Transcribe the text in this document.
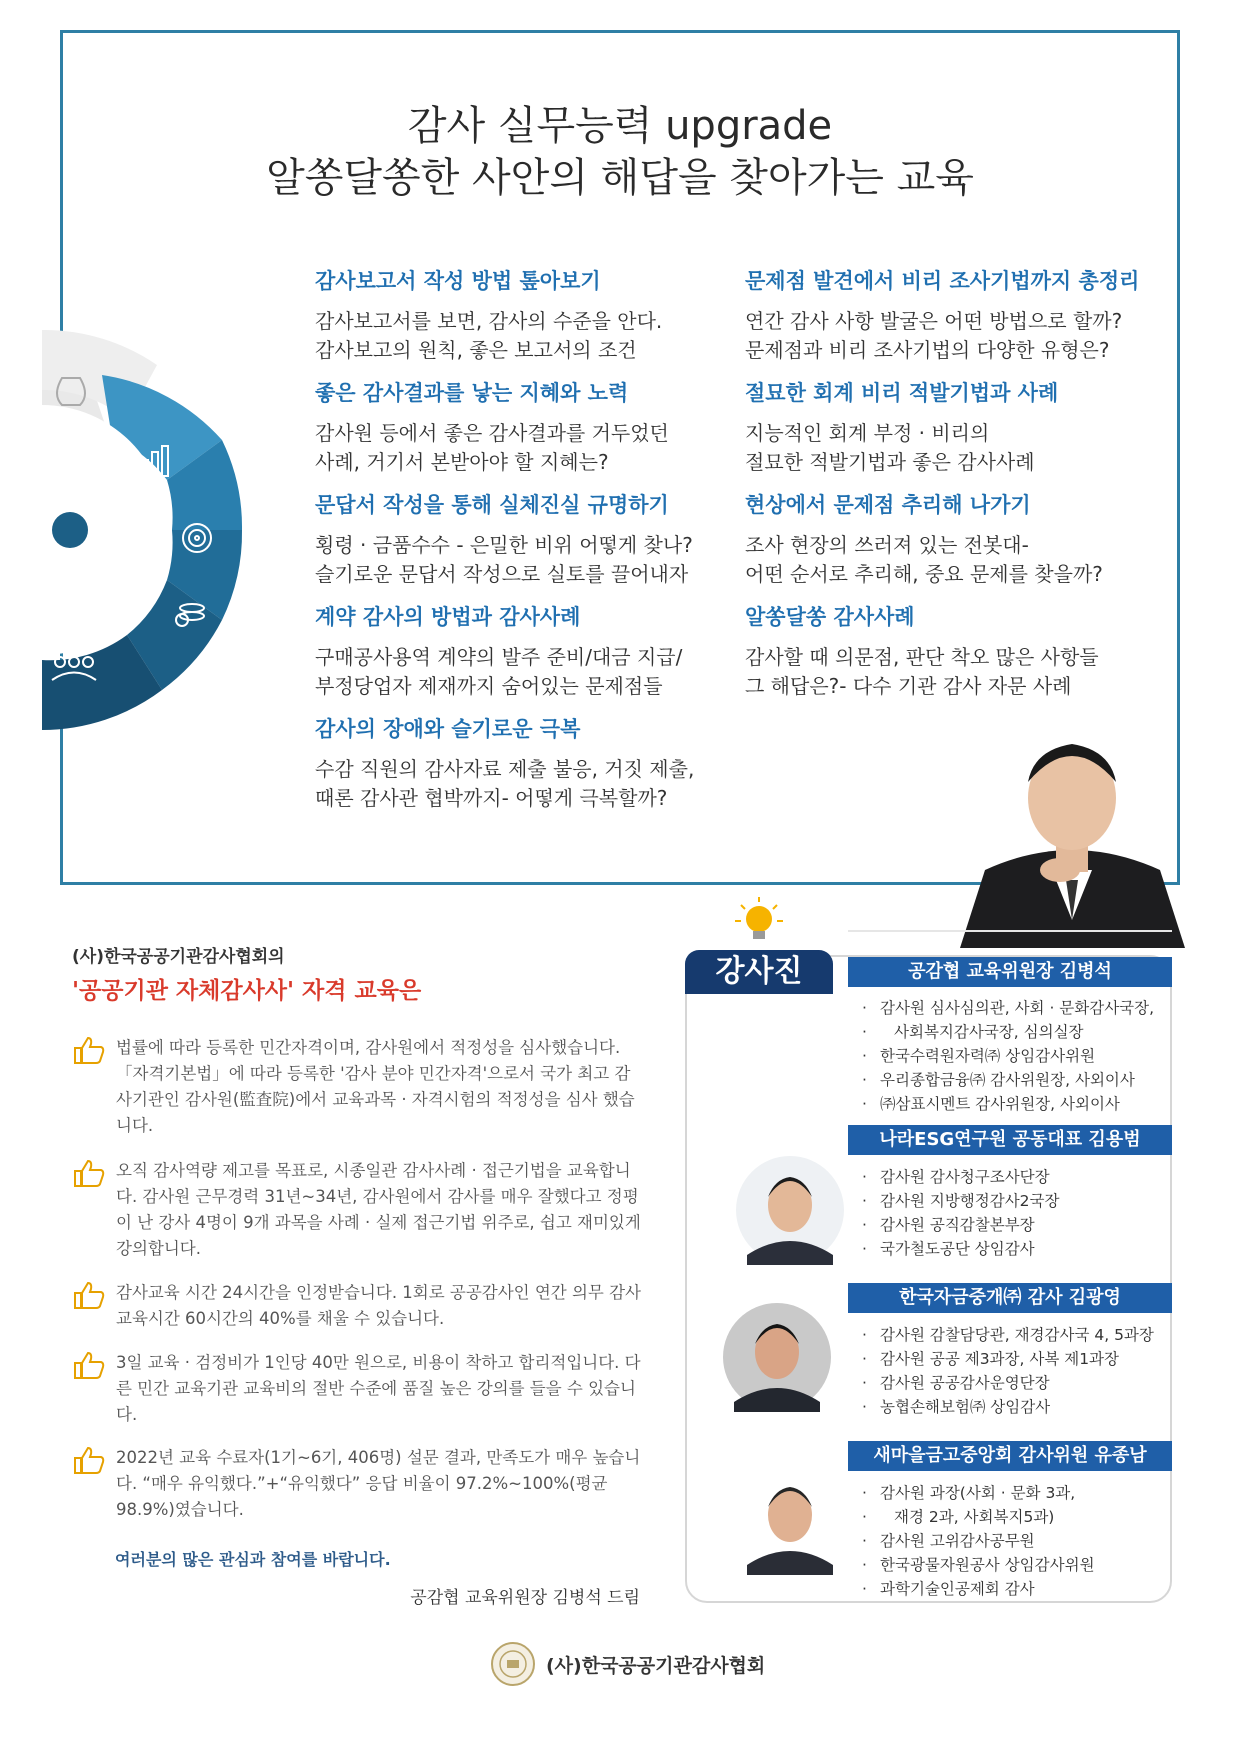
감사 실무능력 upgrade
알쏭달쏭한 사안의 해답을 찾아가는 교육
감사보고서 작성 방법 톺아보기

감사보고서를 보면, 감사의 수준을 안다.

감사보고의 원칙, 좋은 보고서의 조건

좋은 감사결과를 낳는 지혜와 노력

감사원 등에서 좋은 감사결과를 거두었던

사례, 거기서 본받아야 할 지혜는?

문답서 작성을 통해 실체진실 규명하기

횡령 · 금품수수 - 은밀한 비위 어떻게 찾나?

슬기로운 문답서 작성으로 실토를 끌어내자

계약 감사의 방법과 감사사례

구매공사용역 계약의 발주 준비/대금 지급/

부정당업자 제재까지 숨어있는 문제점들

감사의 장애와 슬기로운 극복

수감 직원의 감사자료 제출 불응, 거짓 제출,

때론 감사관 협박까지- 어떻게 극복할까?

문제점 발견에서 비리 조사기법까지 총정리

연간 감사 사항 발굴은 어떤 방법으로 할까?

문제점과 비리 조사기법의 다양한 유형은?

절묘한 회계 비리 적발기법과 사례

지능적인 회계 부정 · 비리의

절묘한 적발기법과 좋은 감사사례

현상에서 문제점 추리해 나가기

조사 현장의 쓰러져 있는 전봇대-

어떤 순서로 추리해, 중요 문제를 찾을까?

알쏭달쏭 감사사례

감사할 때 의문점, 판단 착오 많은 사항들

그 해답은?- 다수 기관 감사 자문 사례

(사)한국공공기관감사협회의
'공공기관 자체감사사' 자격 교육은

법률에 따라 등록한 민간자격이며, 감사원에서 적정성을 심사했습니다. 「자격기본법」에 따라 등록한 '감사 분야 민간자격'으로서 국가 최고 감사기관인 감사원(監査院)에서 교육과목 · 자격시험의 적정성을 심사 했습니다.

오직 감사역량 제고를 목표로, 시종일관 감사사례 · 접근기법을 교육합니다. 감사원 근무경력 31년~34년, 감사원에서 감사를 매우 잘했다고 정평이 난 강사 4명이 9개 과목을 사례 · 실제 접근기법 위주로, 쉽고 재미있게 강의합니다.

감사교육 시간 24시간을 인정받습니다. 1회로 공공감사인 연간 의무 감사교육시간 60시간의 40%를 채울 수 있습니다.

3일 교육 · 검정비가 1인당 40만 원으로, 비용이 착하고 합리적입니다. 다른 민간 교육기관 교육비의 절반 수준에 품질 높은 강의를 들을 수 있습니다.

2022년 교육 수료자(1기~6기, 406명) 설문 결과, 만족도가 매우 높습니다. “매우 유익했다.”+“유익했다” 응답 비율이 97.2%~100%(평균 98.9%)였습니다.

여러분의 많은 관심과 참여를 바랍니다.
공감협 교육위원장 김병석 드림
강사진	공감협 교육위원장 김병석
· 감사원 심사심의관, 사회 · 문화감사국장,
· 사회복지감사국장, 심의실장
· 한국수력원자력㈜ 상임감사위원
· 우리종합금융㈜ 감사위원장, 사외이사
· ㈜삼표시멘트 감사위원장, 사외이사
나라ESG연구원 공동대표 김용범
· 감사원 감사청구조사단장
· 감사원 지방행정감사2국장
· 감사원 공직감찰본부장
· 국가철도공단 상임감사
한국자금중개㈜ 감사 김광영
· 감사원 감찰담당관, 재경감사국 4, 5과장
· 감사원 공공 제3과장, 사복 제1과장
· 감사원 공공감사운영단장
· 농협손해보험㈜ 상임감사
새마을금고중앙회 감사위원 유종남
· 감사원 과장(사회 · 문화 3과,
· 재경 2과, 사회복지5과)
· 감사원 고위감사공무원
· 한국광물자원공사 상임감사위원
· 과학기술인공제회 감사
(사)한국공공기관감사협회
